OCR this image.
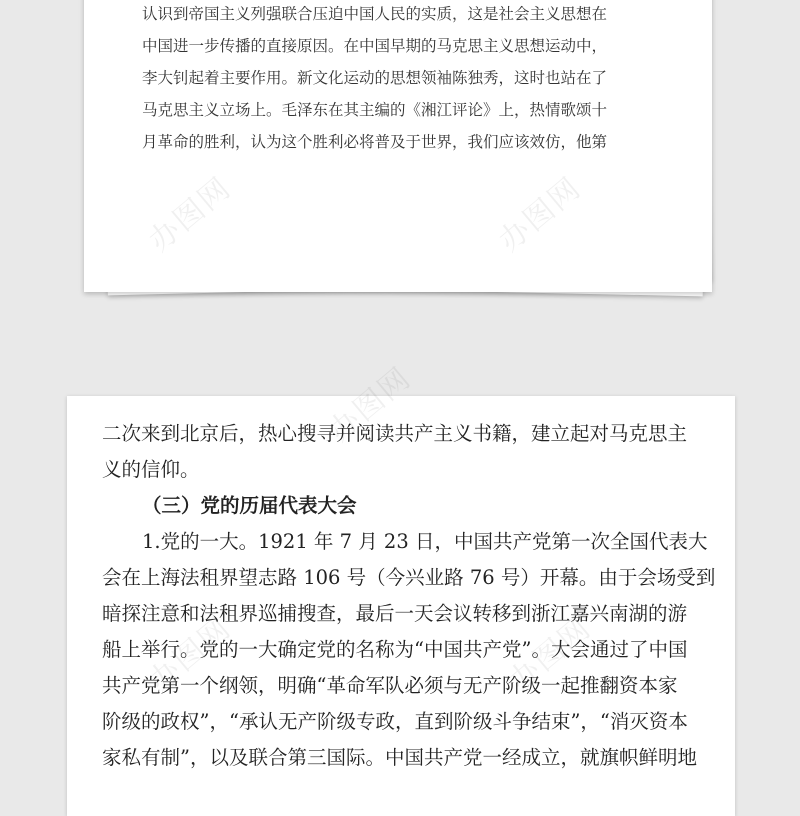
认识到帝国主义列强联合压迫中国人民的实质，这是社会主义思想在

中国进一步传播的直接原因。在中国早期的马克思主义思想运动中，

李大钊起着主要作用。新文化运动的思想领袖陈独秀，这时也站在了

马克思主义立场上。毛泽东在其主编的《湘江评论》上，热情歌颂十

月革命的胜利，认为这个胜利必将普及于世界，我们应该效仿，他第

二次来到北京后，热心搜寻并阅读共产主义书籍，建立起对马克思主

义的信仰。

（三）党的历届代表大会

1.党的一大。1921 年 7 月 23 日，中国共产党第一次全国代表大

会在上海法租界望志路 106 号（今兴业路 76 号）开幕。由于会场受到

暗探注意和法租界巡捕搜查，最后一天会议转移到浙江嘉兴南湖的游

船上举行。党的一大确定党的名称为“中国共产党”。大会通过了中国

共产党第一个纲领，明确“革命军队必须与无产阶级一起推翻资本家

阶级的政权”，“承认无产阶级专政，直到阶级斗争结束”，“消灭资本

家私有制”，以及联合第三国际。中国共产党一经成立，就旗帜鲜明地
